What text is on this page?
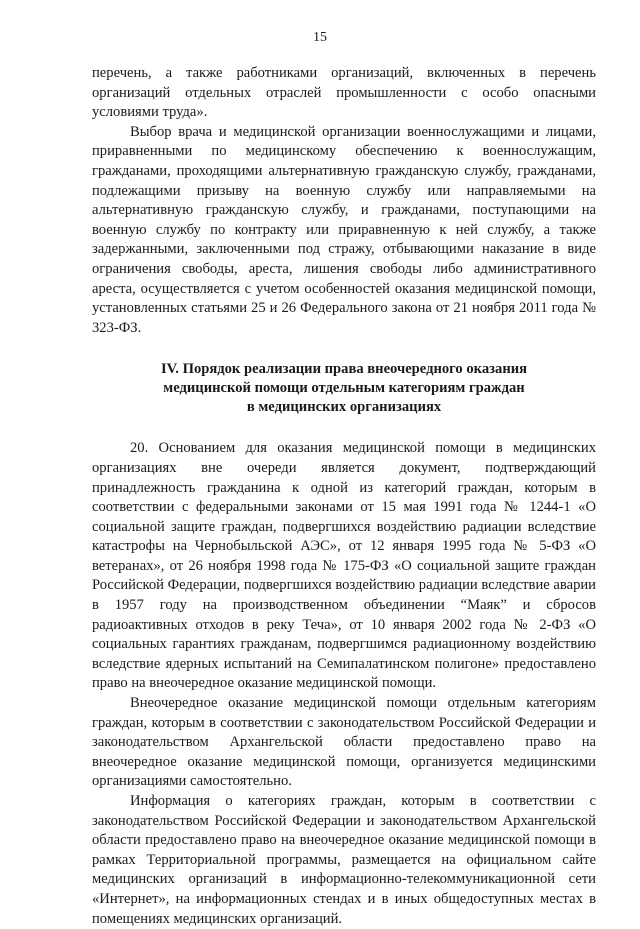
15

перечень, а также работниками организаций, включенных в перечень организаций отдельных отраслей промышленности с особо опасными условиями труда».

Выбор врача и медицинской организации военнослужащими и лицами, приравненными по медицинскому обеспечению к военнослужащим, гражданами, проходящими альтернативную гражданскую службу, гражданами, подлежащими призыву на военную службу или направляемыми на альтернативную гражданскую службу, и гражданами, поступающими на военную службу по контракту или приравненную к ней службу, а также задержанными, заключенными под стражу, отбывающими наказание в виде ограничения свободы, ареста, лишения свободы либо административного ареста, осуществляется с учетом особенностей оказания медицинской помощи, установленных статьями 25 и 26 Федерального закона от 21 ноября 2011 года № 323-ФЗ.

IV. Порядок реализации права внеочередного оказания
медицинской помощи отдельным категориям граждан
в медицинских организациях

20. Основанием для оказания медицинской помощи в медицинских организациях вне очереди является документ, подтверждающий принадлежность гражданина к одной из категорий граждан, которым в соответствии с федеральными законами от 15 мая 1991 года № 1244-1 «О социальной защите граждан, подвергшихся воздействию радиации вследствие катастрофы на Чернобыльской АЭС», от 12 января 1995 года № 5-ФЗ «О ветеранах», от 26 ноября 1998 года № 175-ФЗ «О социальной защите граждан Российской Федерации, подвергшихся воздействию радиации вследствие аварии в 1957 году на производственном объединении “Маяк” и сбросов радиоактивных отходов в реку Теча», от 10 января 2002 года № 2-ФЗ «О социальных гарантиях гражданам, подвергшимся радиационному воздействию вследствие ядерных испытаний на Семипалатинском полигоне» предоставлено право на внеочередное оказание медицинской помощи.

Внеочередное оказание медицинской помощи отдельным категориям граждан, которым в соответствии с законодательством Российской Федерации и законодательством Архангельской области предоставлено право на внеочередное оказание медицинской помощи, организуется медицинскими организациями самостоятельно.

Информация о категориях граждан, которым в соответствии с законодательством Российской Федерации и законодательством Архангельской области предоставлено право на внеочередное оказание медицинской помощи в рамках Территориальной программы, размещается на официальном сайте медицинских организаций в информационно-телекоммуникационной сети «Интернет», на информационных стендах и в иных общедоступных местах в помещениях медицинских организаций.
